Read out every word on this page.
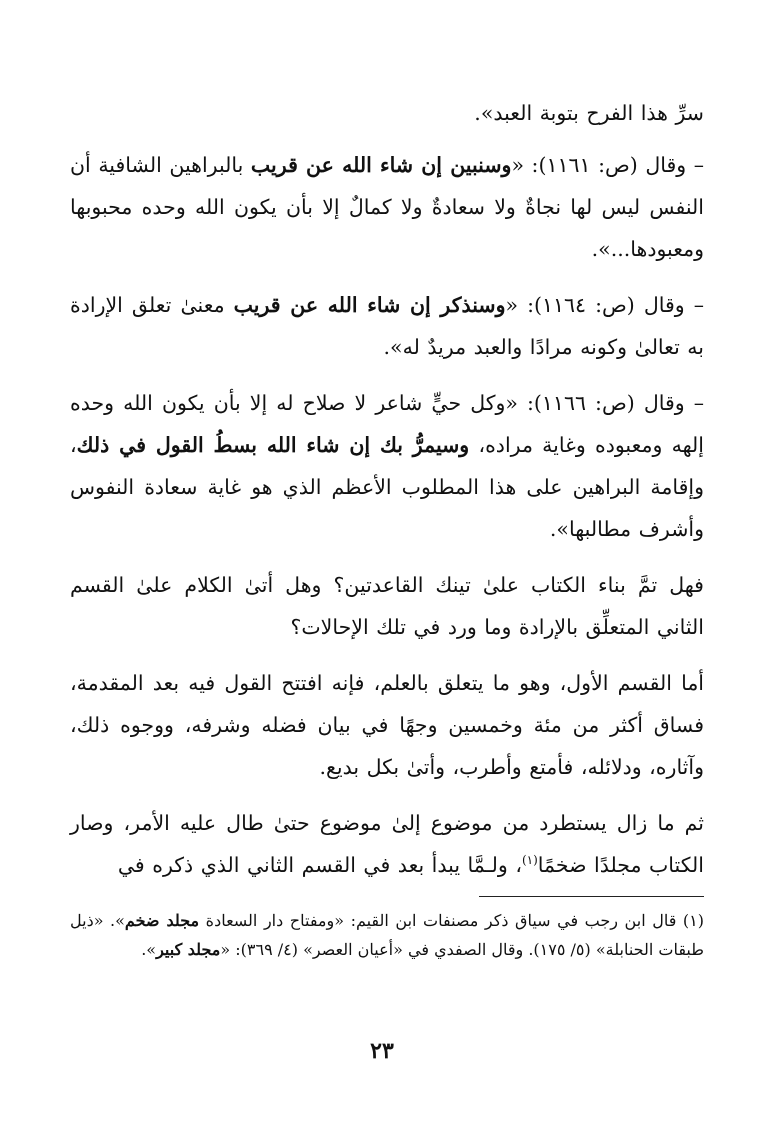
سرِّ هذا الفرح بتوبة العبد».

– وقال (ص: ١١٦١): «وسنبين إن شاء الله عن قريب بالبراهين الشافية أن النفس ليس لها نجاةٌ ولا سعادةٌ ولا كمالٌ إلا بأن يكون الله وحده محبوبها ومعبودها...».

– وقال (ص: ١١٦٤): «وسنذكر إن شاء الله عن قريب معنىٰ تعلق الإرادة به تعالىٰ وكونه مرادًا والعبد مريدٌ له».

– وقال (ص: ١١٦٦): «وكل حيٍّ شاعر لا صلاح له إلا بأن يكون الله وحده إلهه ومعبوده وغاية مراده، وسيمرُّ بك إن شاء الله بسطُ القول في ذلك، وإقامة البراهين على هذا المطلوب الأعظم الذي هو غاية سعادة النفوس وأشرف مطالبها».

فهل تمَّ بناء الكتاب علىٰ تينك القاعدتين؟ وهل أتىٰ الكلام علىٰ القسم الثاني المتعلِّق بالإرادة وما ورد في تلك الإحالات؟

أما القسم الأول، وهو ما يتعلق بالعلم، فإنه افتتح القول فيه بعد المقدمة، فساق أكثر من مئة وخمسين وجهًا في بيان فضله وشرفه، ووجوه ذلك، وآثاره، ودلائله، فأمتع وأطرب، وأتىٰ بكل بديع.

ثم ما زال يستطرد من موضوع إلىٰ موضوع حتىٰ طال عليه الأمر، وصار الكتاب مجلدًا ضخمًا$^{(١)}$، ولـمَّا يبدأ بعد في القسم الثاني الذي ذكره في

(١) قال ابن رجب في سياق ذكر مصنفات ابن القيم: «ومفتاح دار السعادة مجلد ضخم». «ذيل طبقات الحنابلة» (٥/ ١٧٥). وقال الصفدي في «أعيان العصر» (٤/ ٣٦٩): «مجلد كبير».
٢٣
